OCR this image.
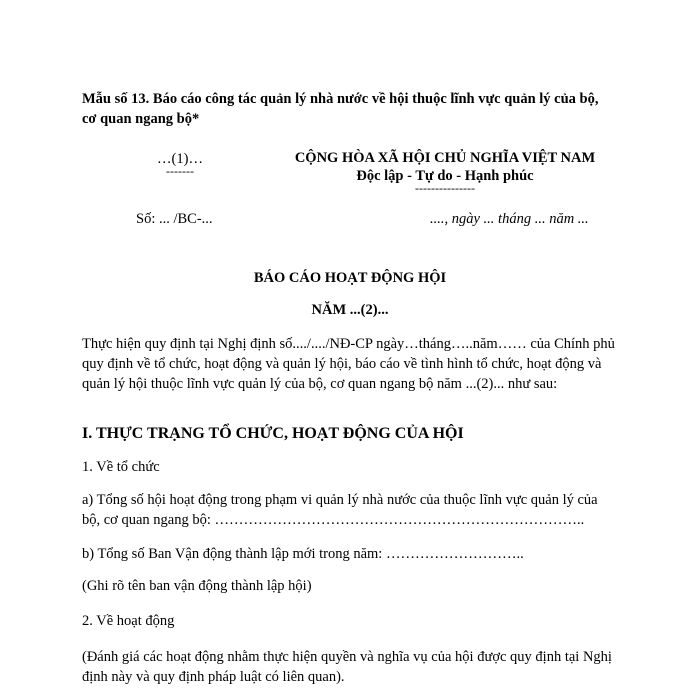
Mẫu số 13. Báo cáo công tác quản lý nhà nước về hội thuộc lĩnh vực quản lý của bộ,
cơ quan ngang bộ*
…(1)…
-------
CỘNG HÒA XÃ HỘI CHỦ NGHĨA VIỆT NAM
Độc lập - Tự do - Hạnh phúc
---------------
Số: ... /BC-...	...., ngày ... tháng ... năm ...
BÁO CÁO HOẠT ĐỘNG HỘI
NĂM ...(2)...
Thực hiện quy định tại Nghị định số..../..../NĐ-CP ngày…tháng…..năm…… của Chính phủ quy định về tổ chức, hoạt động và quản lý hội, báo cáo về tình hình tổ chức, hoạt động và quản lý hội thuộc lĩnh vực quản lý của bộ, cơ quan ngang bộ năm ...(2)... như sau:
I. THỰC TRẠNG TỔ CHỨC, HOẠT ĐỘNG CỦA HỘI
1. Về tổ chức
a) Tổng số hội hoạt động trong phạm vi quản lý nhà nước của thuộc lĩnh vực quản lý của bộ, cơ quan ngang bộ: …………………………………………………………………..
b) Tổng số Ban Vận động thành lập mới trong năm: ………………………..
(Ghi rõ tên ban vận động thành lập hội)
2. Về hoạt động
(Đánh giá các hoạt động nhằm thực hiện quyền và nghĩa vụ của hội được quy định tại Nghị định này và quy định pháp luật có liên quan).
